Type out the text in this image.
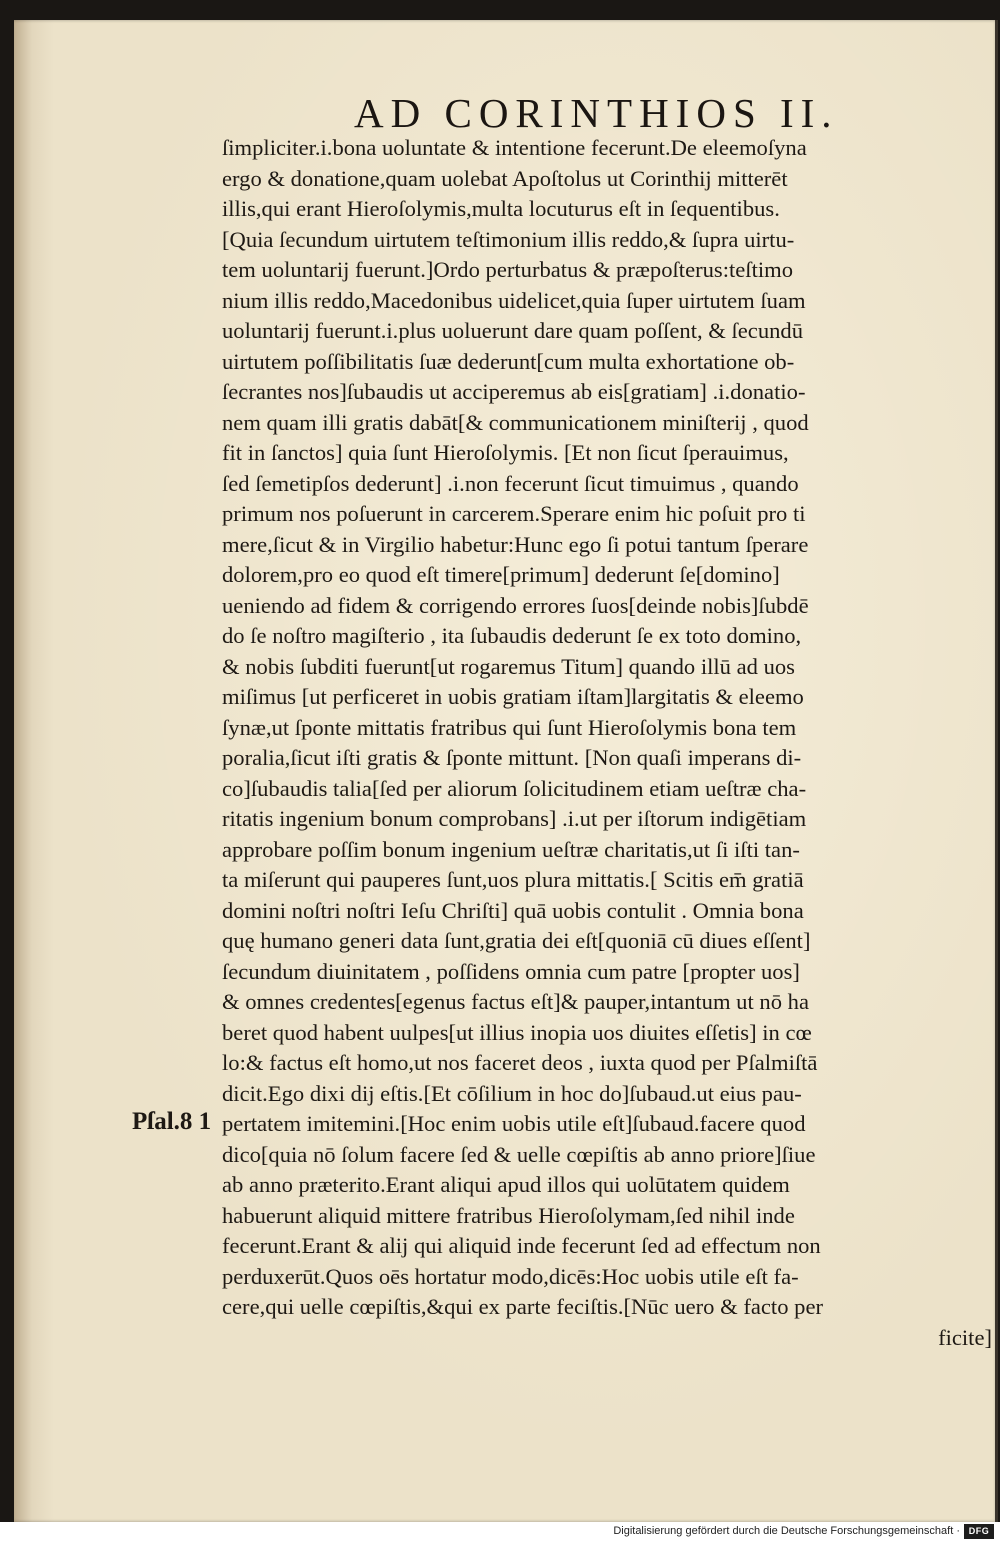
AD CORINTHIOS II.
ſimpliciter.i.bona uoluntate & intentione fecerunt.De eleemoſyna
ergo & donatione,quam uolebat Apoſtolus ut Corinthij mitterēt
illis,qui erant Hieroſolymis,multa locuturus eſt in ſequentibus.
[Quia ſecundum uirtutem teſtimonium illis reddo,& ſupra uirtu-
tem uoluntarij fuerunt.]Ordo perturbatus & præpoſterus:teſtimo
nium illis reddo,Macedonibus uidelicet,quia ſuper uirtutem ſuam
uoluntarij fuerunt.i.plus uoluerunt dare quam poſſent, & ſecundū
uirtutem poſſibilitatis ſuæ dederunt[cum multa exhortatione ob-
ſecrantes nos]ſubaudis ut acciperemus ab eis[gratiam] .i.donatio-
nem quam illi gratis dabāt[& communicationem miniſterij , quod
fit in ſanctos] quia ſunt Hieroſolymis. [Et non ſicut ſperauimus,
ſed ſemetipſos dederunt] .i.non fecerunt ſicut timuimus , quando
primum nos poſuerunt in carcerem.Sperare enim hic poſuit pro ti
mere,ſicut & in Virgilio habetur:Hunc ego ſi potui tantum ſperare
dolorem,pro eo quod eſt timere[primum] dederunt ſe[domino]
ueniendo ad fidem & corrigendo errores ſuos[deinde nobis]ſubdē
do ſe noſtro magiſterio , ita ſubaudis dederunt ſe ex toto domino,
& nobis ſubditi fuerunt[ut rogaremus Titum] quando illū ad uos
miſimus [ut perficeret in uobis gratiam iſtam]largitatis & eleemo
ſynæ,ut ſponte mittatis fratribus qui ſunt Hieroſolymis bona tem
poralia,ſicut iſti gratis & ſponte mittunt. [Non quaſi imperans di-
co]ſubaudis talia[ſed per aliorum ſolicitudinem etiam ueſtræ cha-
ritatis ingenium bonum comprobans] .i.ut per iſtorum indigētiam
approbare poſſim bonum ingenium ueſtræ charitatis,ut ſi iſti tan-
ta miſerunt qui pauperes ſunt,uos plura mittatis.[ Scitis em̄ gratiā
domini noſtri noſtri Ieſu Chriſti] quā uobis contulit . Omnia bona
quę humano generi data ſunt,gratia dei eſt[quoniā cū diues eſſent]
ſecundum diuinitatem , poſſidens omnia cum patre [propter uos]
& omnes credentes[egenus factus eſt]& pauper,intantum ut nō ha
beret quod habent uulpes[ut illius inopia uos diuites eſſetis] in cœ
lo:& factus eſt homo,ut nos faceret deos , iuxta quod per Pſalmiſtā
dicit.Ego dixi dij eſtis.[Et cōſilium in hoc do]ſubaud.ut eius pau-
pertatem imitemini.[Hoc enim uobis utile eſt]ſubaud.facere quod
dico[quia nō ſolum facere ſed & uelle cœpiſtis ab anno priore]ſiue
ab anno præterito.Erant aliqui apud illos qui uolūtatem quidem
habuerunt aliquid mittere fratribus Hieroſolymam,ſed nihil inde
fecerunt.Erant & alij qui aliquid inde fecerunt ſed ad effectum non
perduxerūt.Quos oēs hortatur modo,dicēs:Hoc uobis utile eſt fa-
cere,qui uelle cœpiſtis,&qui ex parte feciſtis.[Nūc uero & facto per
ficite]
Pſal.8 1
Digitalisierung gefördert durch die Deutsche Forschungsgemeinschaft · DFG
